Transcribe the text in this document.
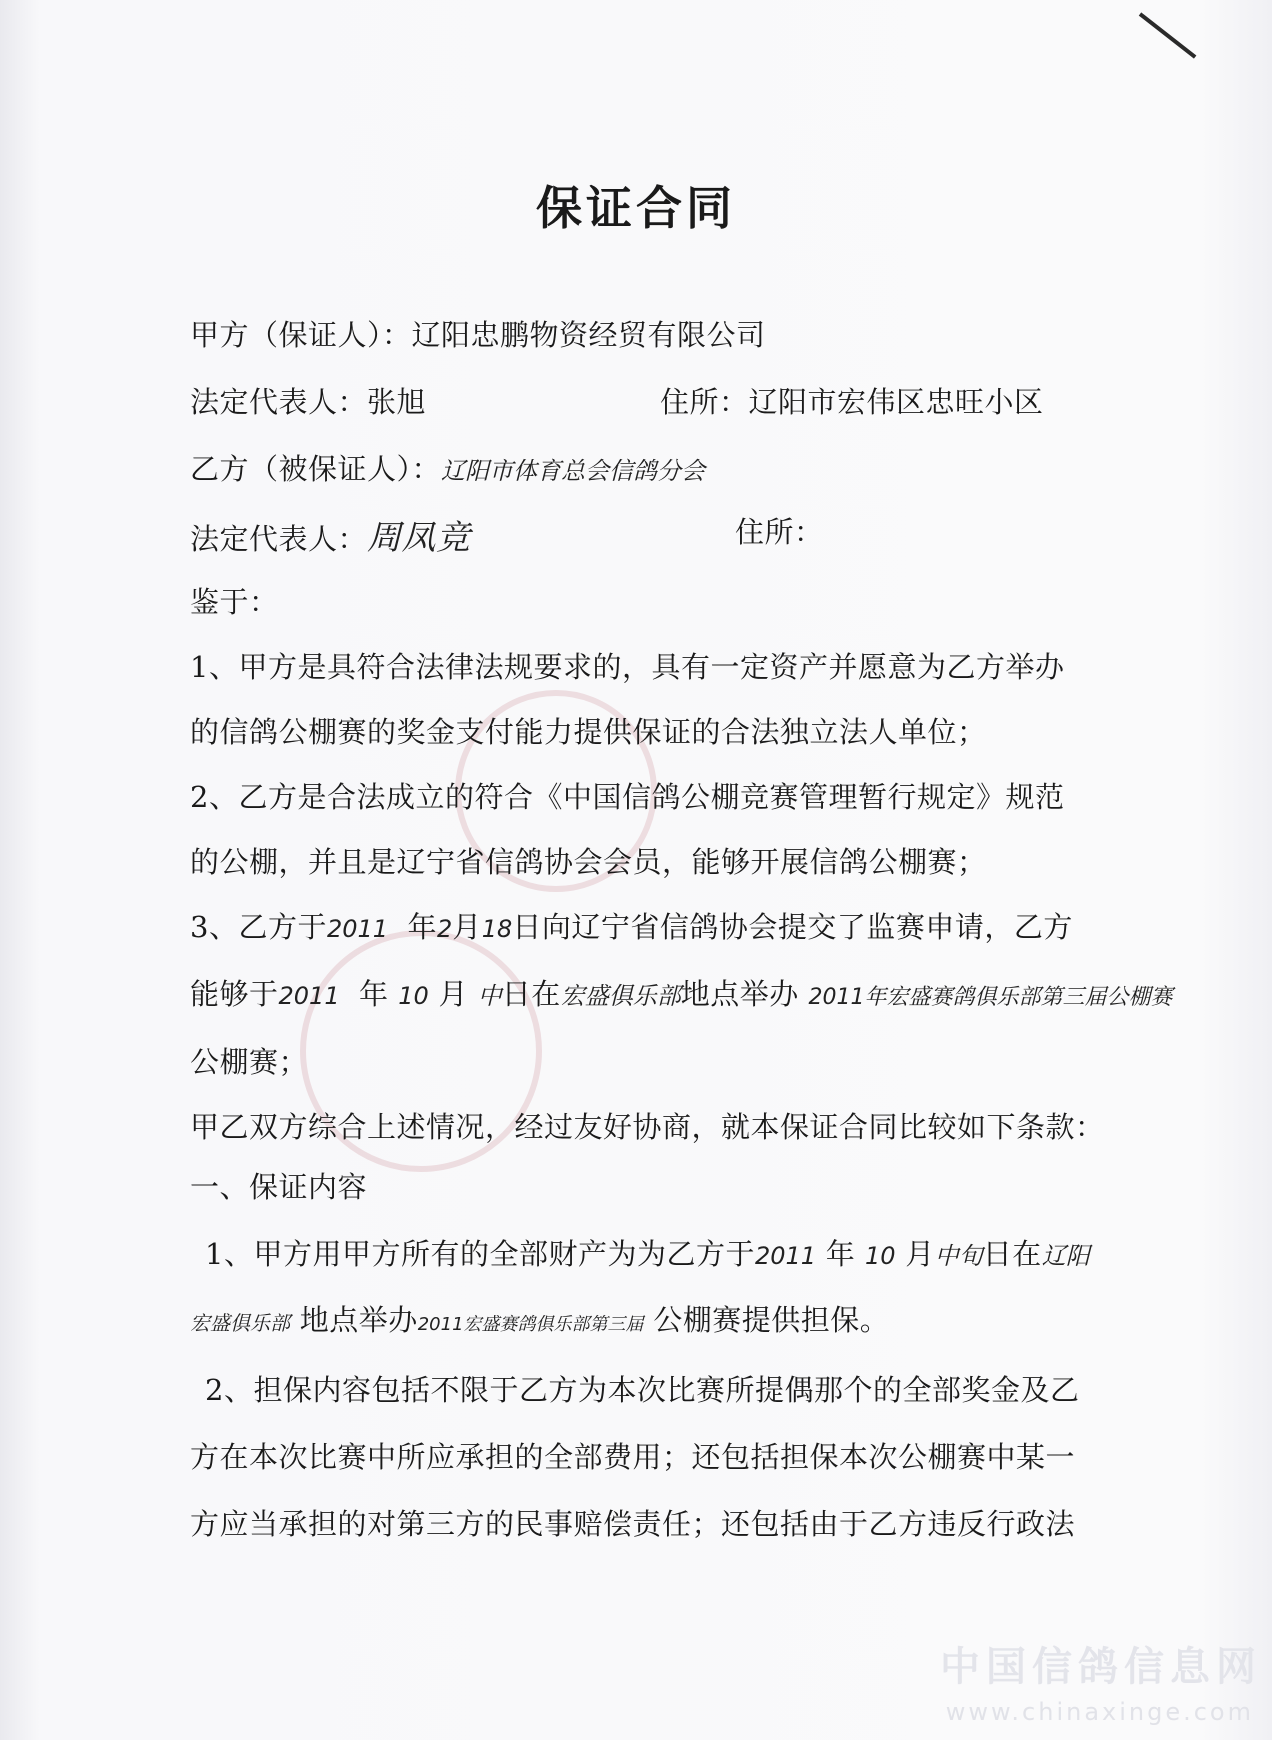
保证合同
甲方（保证人）：辽阳忠鹏物资经贸有限公司
法定代表人：张旭	住所：辽阳市宏伟区忠旺小区
乙方（被保证人）：辽阳市体育总会信鸽分会
法定代表人：周凤竞	住所：
鉴于：
1、甲方是具符合法律法规要求的，具有一定资产并愿意为乙方举办
的信鸽公棚赛的奖金支付能力提供保证的合法独立法人单位；
2、乙方是合法成立的符合《中国信鸽公棚竞赛管理暂行规定》规范
的公棚，并且是辽宁省信鸽协会会员，能够开展信鸽公棚赛；
3、乙方于2011 年2月18日向辽宁省信鸽协会提交了监赛申请，乙方
能够于2011 年 10 月 中日在宏盛俱乐部地点举办 2011年宏盛赛鸽俱乐部第三届公棚赛
公棚赛；
甲乙双方综合上述情况，经过友好协商，就本保证合同比较如下条款：
一、保证内容
1、甲方用甲方所有的全部财产为为乙方于2011 年 10 月中旬日在辽阳
宏盛俱乐部 地点举办2011宏盛赛鸽俱乐部第三届 公棚赛提供担保。
2、担保内容包括不限于乙方为本次比赛所提偶那个的全部奖金及乙
方在本次比赛中所应承担的全部费用；还包括担保本次公棚赛中某一
方应当承担的对第三方的民事赔偿责任；还包括由于乙方违反行政法
中国信鸽信息网
www.chinaxinge.com
